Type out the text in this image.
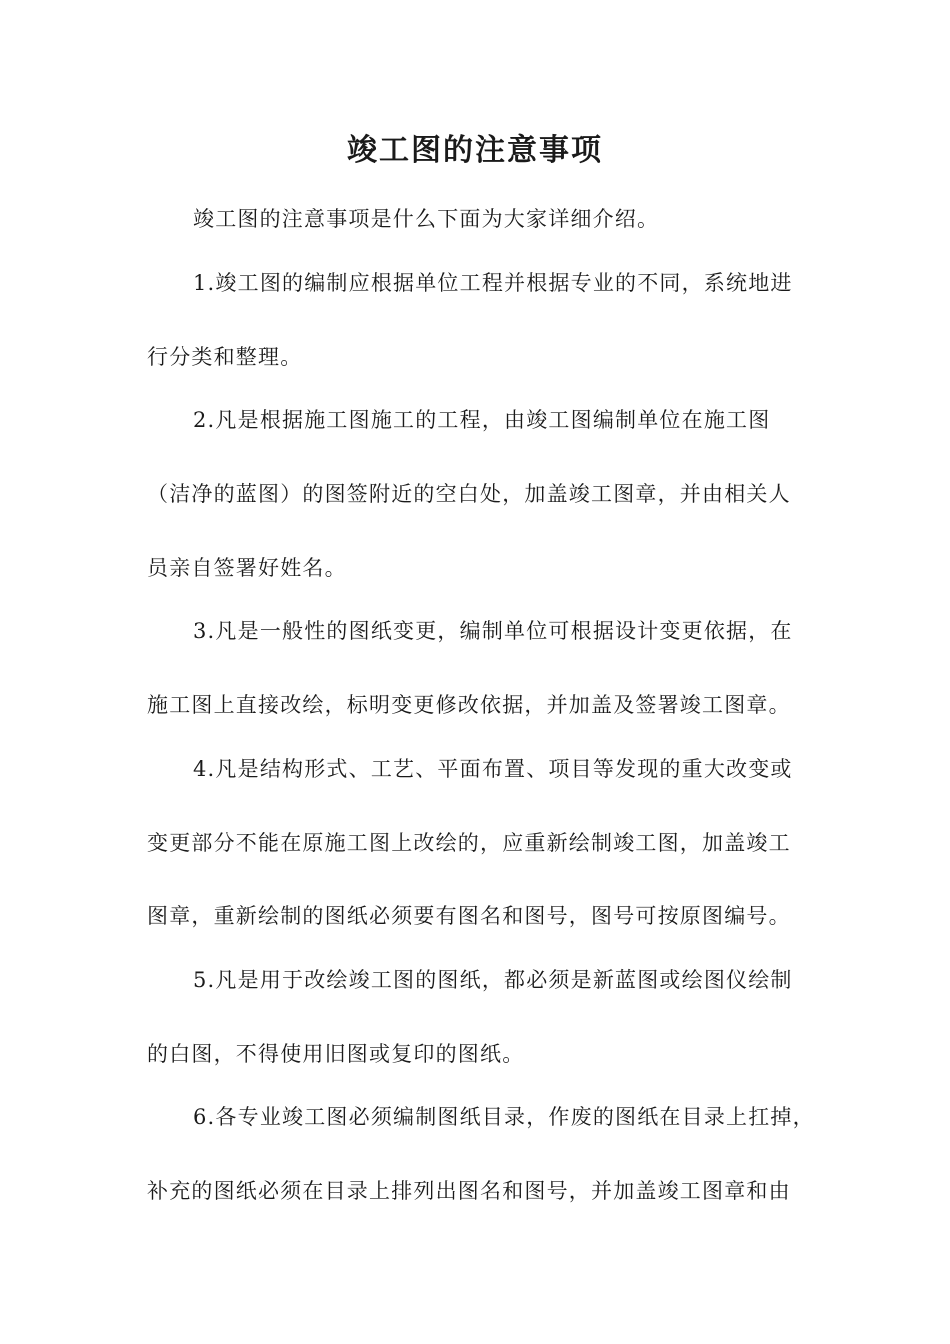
竣工图的注意事项
竣工图的注意事项是什么下面为大家详细介绍。
1.竣工图的编制应根据单位工程并根据专业的不同，系统地进
行分类和整理。
2.凡是根据施工图施工的工程，由竣工图编制单位在施工图
（洁净的蓝图）的图签附近的空白处，加盖竣工图章，并由相关人
员亲自签署好姓名。
3.凡是一般性的图纸变更，编制单位可根据设计变更依据，在
施工图上直接改绘，标明变更修改依据，并加盖及签署竣工图章。
4.凡是结构形式、工艺、平面布置、项目等发现的重大改变或
变更部分不能在原施工图上改绘的，应重新绘制竣工图，加盖竣工
图章，重新绘制的图纸必须要有图名和图号，图号可按原图编号。
5.凡是用于改绘竣工图的图纸，都必须是新蓝图或绘图仪绘制
的白图，不得使用旧图或复印的图纸。
6.各专业竣工图必须编制图纸目录，作废的图纸在目录上扛掉，
补充的图纸必须在目录上排列出图名和图号，并加盖竣工图章和由
